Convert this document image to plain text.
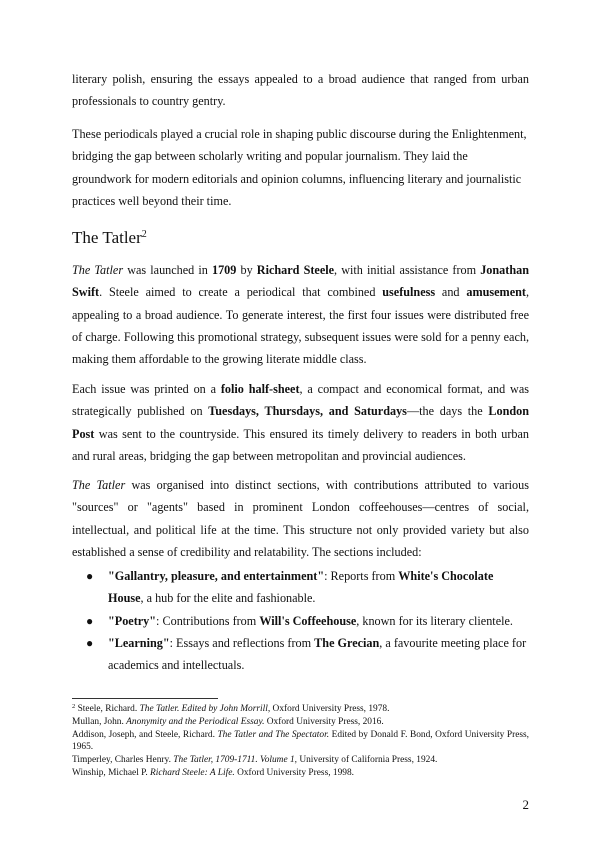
literary polish, ensuring the essays appealed to a broad audience that ranged from urban professionals to country gentry.

These periodicals played a crucial role in shaping public discourse during the Enlightenment, bridging the gap between scholarly writing and popular journalism. They laid the groundwork for modern editorials and opinion columns, influencing literary and journalistic practices well beyond their time.

The Tatler$^2$

The Tatler was launched in 1709 by Richard Steele, with initial assistance from Jonathan Swift. Steele aimed to create a periodical that combined usefulness and amusement, appealing to a broad audience. To generate interest, the first four issues were distributed free of charge. Following this promotional strategy, subsequent issues were sold for a penny each, making them affordable to the growing literate middle class.

Each issue was printed on a folio half-sheet, a compact and economical format, and was strategically published on Tuesdays, Thursdays, and Saturdays—the days the London Post was sent to the countryside. This ensured its timely delivery to readers in both urban and rural areas, bridging the gap between metropolitan and provincial audiences.

The Tatler was organised into distinct sections, with contributions attributed to various "sources" or "agents" based in prominent London coffeehouses—centres of social, intellectual, and political life at the time. This structure not only provided variety but also established a sense of credibility and relatability. The sections included:

● "Gallantry, pleasure, and entertainment": Reports from White's Chocolate House, a hub for the elite and fashionable.
● "Poetry": Contributions from Will's Coffeehouse, known for its literary clientele.
● "Learning": Essays and reflections from The Grecian, a favourite meeting place for academics and intellectuals.

$^2$ Steele, Richard. The Tatler. Edited by John Morrill, Oxford University Press, 1978.

Mullan, John. Anonymity and the Periodical Essay. Oxford University Press, 2016.

Addison, Joseph, and Steele, Richard. The Tatler and The Spectator. Edited by Donald F. Bond, Oxford University Press, 1965.

Timperley, Charles Henry. The Tatler, 1709-1711. Volume 1, University of California Press, 1924.

Winship, Michael P. Richard Steele: A Life. Oxford University Press, 1998.

2
